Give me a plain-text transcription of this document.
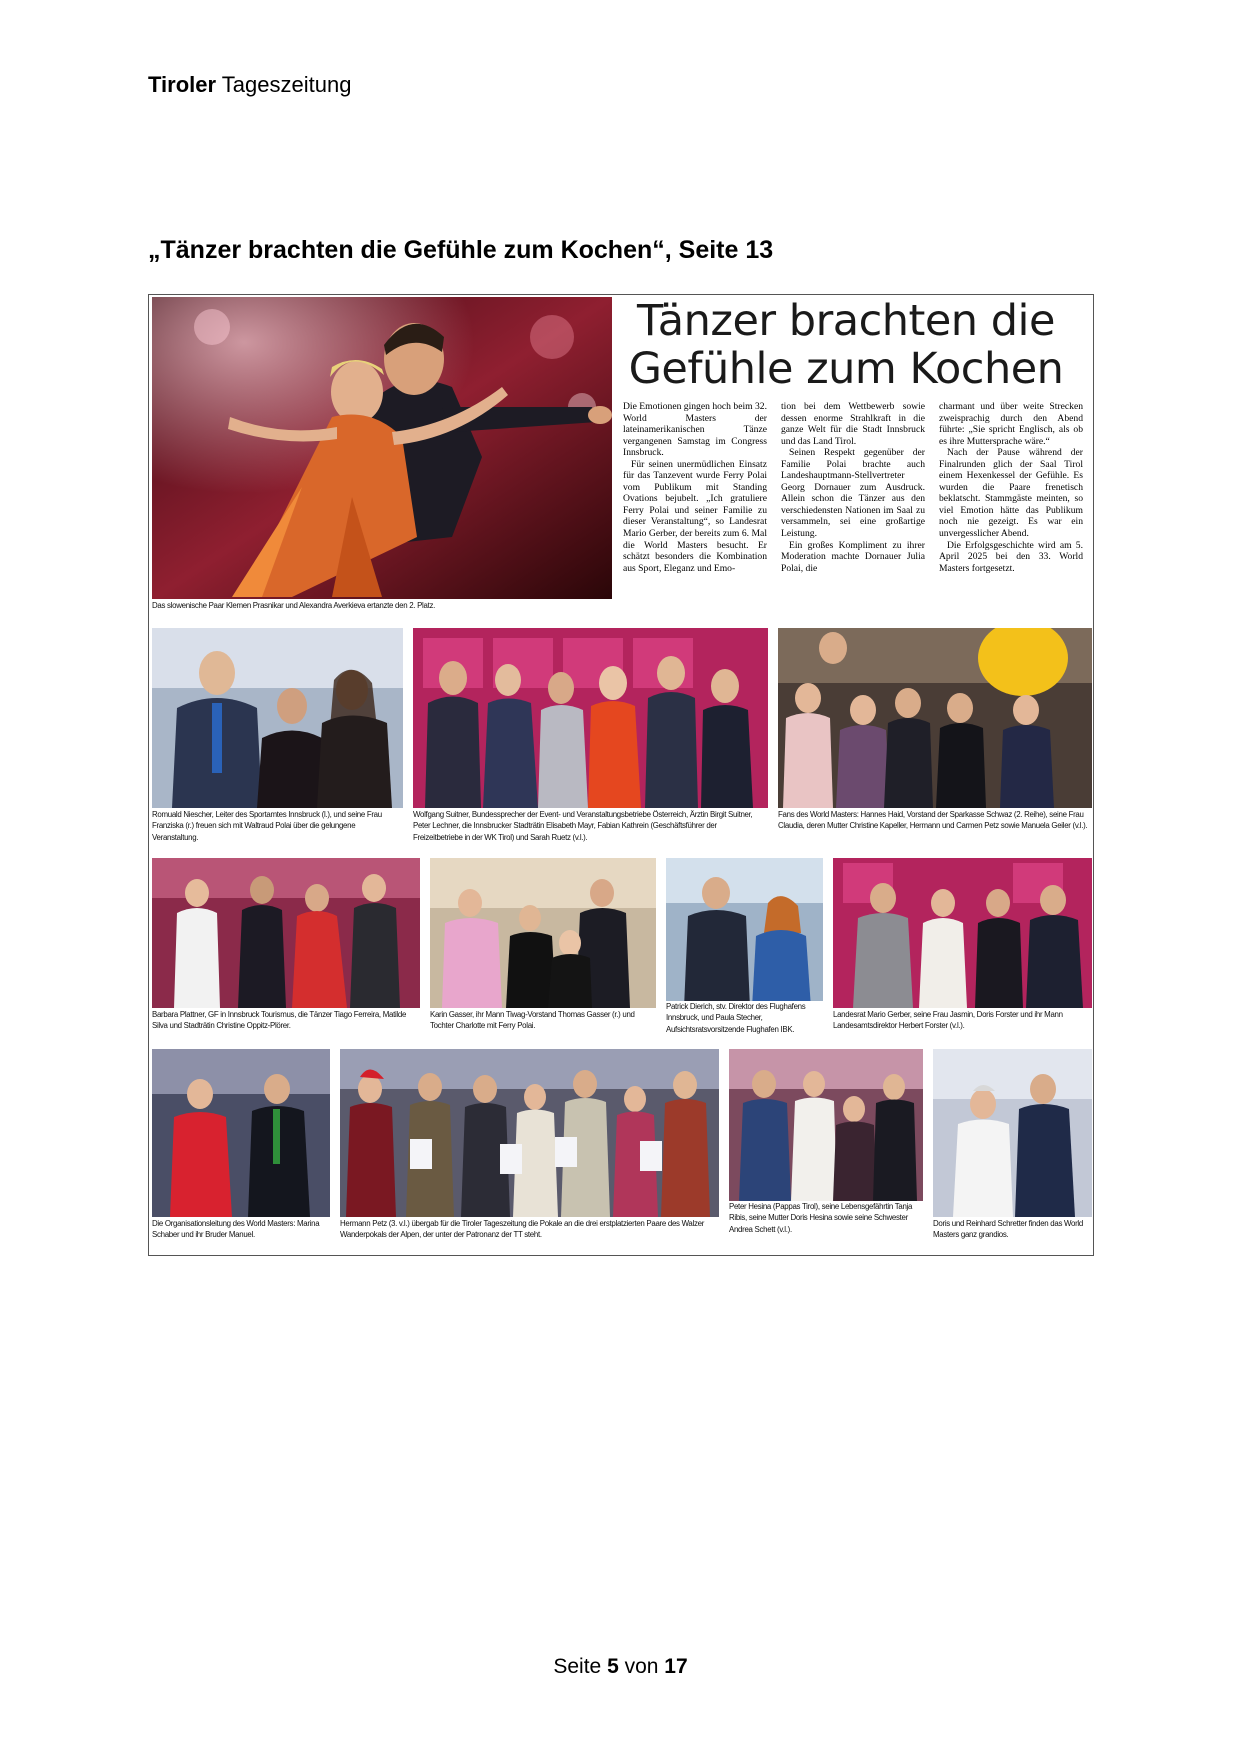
Tiroler Tageszeitung
„Tänzer brachten die Gefühle zum Kochen“, Seite 13
Das slowenische Paar Klemen Prasnikar und Alexandra Averkieva ertanzte den 2. Platz.
Tänzer brachten die
Gefühle zum Kochen

Die Emotionen gingen hoch beim 32. World Masters der lateinamerikanischen Tänze vergangenen Samstag im Congress Innsbruck.

Für seinen unermüdlichen Einsatz für das Tanzevent wurde Ferry Polai vom Publikum mit Standing Ovations bejubelt. „Ich gratuliere Ferry Polai und seiner Familie zu dieser Veranstaltung“, so Landesrat Mario Gerber, der bereits zum 6. Mal die World Masters besucht. Er schätzt besonders die Kombination aus Sport, Eleganz und Emo-

tion bei dem Wettbewerb sowie dessen enorme Strahlkraft in die ganze Welt für die Stadt Innsbruck und das Land Tirol.

Seinen Respekt gegenüber der Familie Polai brachte auch Landeshauptmann-Stellvertreter Georg Dornauer zum Ausdruck. Allein schon die Tänzer aus den verschiedensten Nationen im Saal zu versammeln, sei eine großartige Leistung.

Ein großes Kompliment zu ihrer Moderation machte Dornauer Julia Polai, die

charmant und über weite Strecken zweisprachig durch den Abend führte: „Sie spricht Englisch, als ob es ihre Muttersprache wäre.“

Nach der Pause während der Finalrunden glich der Saal Tirol einem Hexenkessel der Gefühle. Es wurden die Paare frenetisch beklatscht. Stammgäste meinten, so viel Emotion hätte das Publikum noch nie gezeigt. Es war ein unvergesslicher Abend.

Die Erfolgsgeschichte wird am 5. April 2025 bei den 33. World Masters fortgesetzt.

Romuald Niescher, Leiter des Sportamtes Innsbruck (l.), und seine Frau Franziska (r.) freuen sich mit Waltraud Polai über die gelungene Veranstaltung.
Wolfgang Suitner, Bundessprecher der Event- und Veranstaltungsbetriebe Österreich, Ärztin Birgit Suitner, Peter Lechner, die Innsbrucker Stadträtin Elisabeth Mayr, Fabian Kathrein (Geschäftsführer der Freizeitbetriebe in der WK Tirol) und Sarah Ruetz (v.l.).
Fans des World Masters: Hannes Haid, Vorstand der Sparkasse Schwaz (2. Reihe), seine Frau Claudia, deren Mutter Christine Kapeller, Hermann und Carmen Petz sowie Manuela Geiler (v.l.).
Barbara Plattner, GF in Innsbruck Tourismus, die Tänzer Tiago Ferreira, Matilde Silva und Stadträtin Christine Oppitz-Plörer.
Karin Gasser, ihr Mann Tiwag-Vorstand Thomas Gasser (r.) und Tochter Charlotte mit Ferry Polai.
Patrick Dierich, stv. Direktor des Flughafens Innsbruck, und Paula Stecher, Aufsichtsratsvorsitzende Flughafen IBK.
Landesrat Mario Gerber, seine Frau Jasmin, Doris Forster und ihr Mann Landesamtsdirektor Herbert Forster (v.l.).
Die Organisationsleitung des World Masters: Marina Schaber und ihr Bruder Manuel.
Hermann Petz (3. v.l.) übergab für die Tiroler Tageszeitung die Pokale an die drei erstplatzierten Paare des Walzer Wanderpokals der Alpen, der unter der Patronanz der TT steht.
Peter Hesina (Pappas Tirol), seine Lebensgefährtin Tanja Ribis, seine Mutter Doris Hesina sowie seine Schwester Andrea Schett (v.l.).
Doris und Reinhard Schretter finden das World Masters ganz grandios.
Seite 5 von 17
